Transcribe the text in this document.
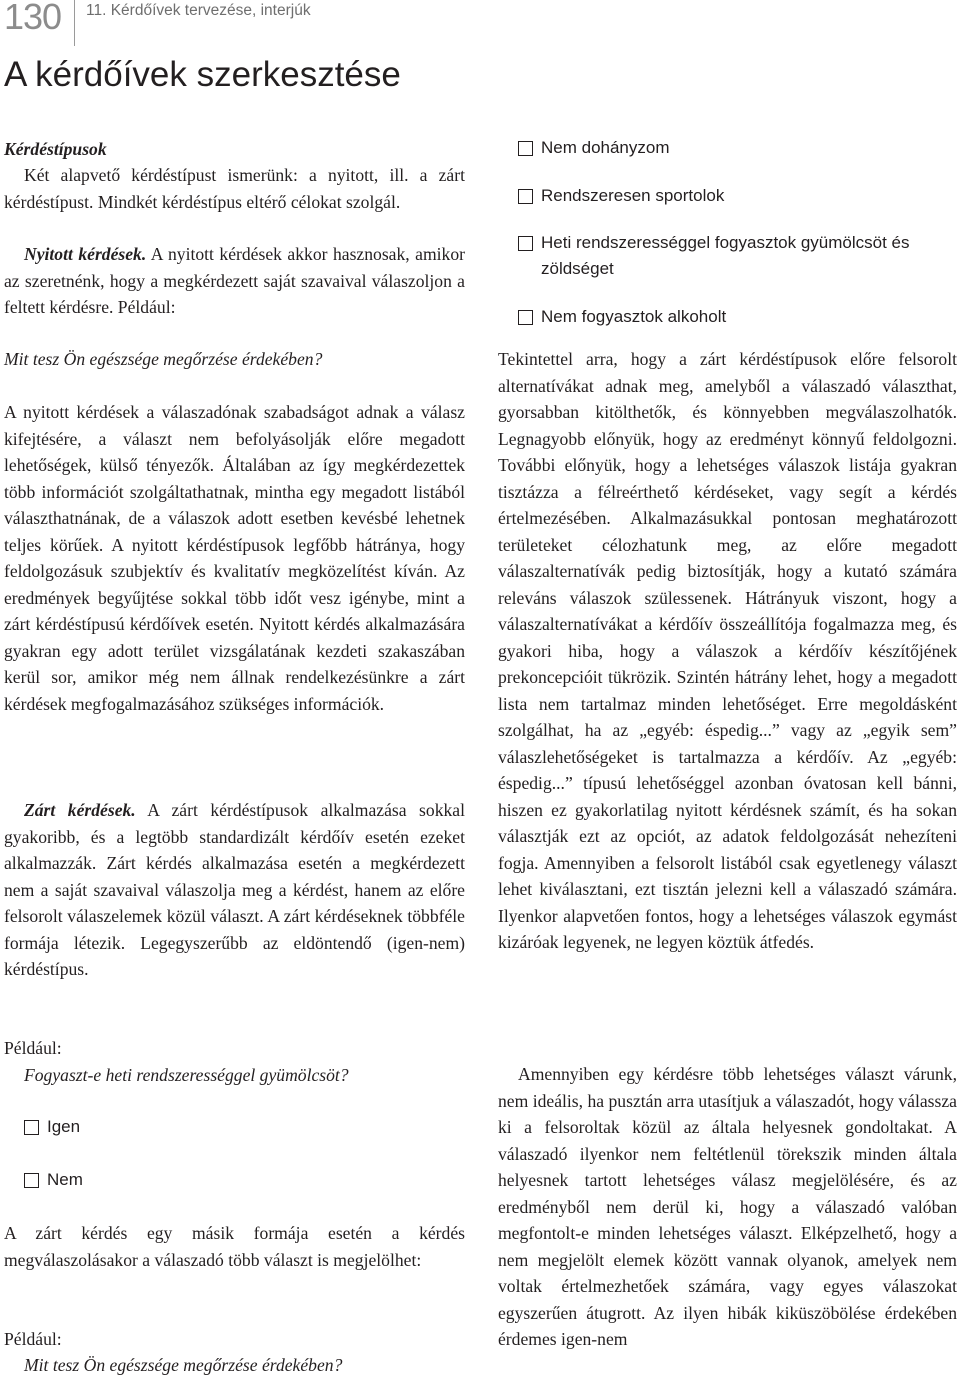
130 11. Kérdőívek tervezése, interjúk
A kérdőívek szerkesztése
Kérdéstípusok

Két alapvető kérdéstípust ismerünk: a nyitott, ill. a zárt kérdéstípust. Mindkét kérdéstípus eltérő célokat szolgál.

Nyitott kérdések. A nyitott kérdések akkor hasznosak, amikor az szeretnénk, hogy a megkérdezett saját szavaival válaszoljon a feltett kérdésre. Például:

Mit tesz Ön egészsége megőrzése érdekében?

A nyitott kérdések a válaszadónak szabadságot adnak a válasz kifejtésére, a választ nem befolyásolják előre megadott lehetőségek, külső tényezők. Általában az így megkérdezettek több információt szolgáltathatnak, mintha egy megadott listából választhatnának, de a válaszok adott esetben kevésbé lehetnek teljes körűek. A nyitott kérdéstípusok legfőbb hátránya, hogy feldolgozásuk szubjektív és kvalitatív megközelítést kíván. Az eredmények begyűjtése sokkal több időt vesz igénybe, mint a zárt kérdéstípusú kérdőívek esetén. Nyitott kérdés alkalmazására gyakran egy adott terület vizsgálatának kezdeti szakaszában kerül sor, amikor még nem állnak rendelkezésünkre a zárt kérdések megfogalmazásához szükséges információk.

Zárt kérdések. A zárt kérdéstípusok alkalmazása sokkal gyakoribb, és a legtöbb standardizált kérdőív esetén ezeket alkalmazzák. Zárt kérdés alkalmazása esetén a megkérdezett nem a saját szavaival válaszolja meg a kérdést, hanem az előre felsorolt válaszelemek közül választ. A zárt kérdéseknek többféle formája létezik. Legegyszerűbb az eldöntendő (igen-nem) kérdéstípus.

Például:
Fogyaszt-e heti rendszerességgel gyümölcsöt?
Igen
Nem

A zárt kérdés egy másik formája esetén a kérdés megválaszolásakor a válaszadó több választ is megjelölhet:

Például:
Mit tesz Ön egészsége megőrzése érdekében?
Nem dohányzom
Rendszeresen sportolok
Heti rendszerességgel fogyasztok gyümölcsöt és zöldséget
Nem fogyasztok alkoholt

Tekintettel arra, hogy a zárt kérdéstípusok előre felsorolt alternatívákat adnak meg, amelyből a válaszadó választhat, gyorsabban kitölthetők, és könnyebben megválaszolhatók. Legnagyobb előnyük, hogy az eredményt könnyű feldolgozni. További előnyük, hogy a lehetséges válaszok listája gyakran tisztázza a félreérthető kérdéseket, vagy segít a kérdés értelmezésében. Alkalmazásukkal pontosan meghatározott területeket célozhatunk meg, az előre megadott válaszalternatívák pedig biztosítják, hogy a kutató számára releváns válaszok szülessenek. Hátrányuk viszont, hogy a válaszalternatívákat a kérdőív összeállítója fogalmazza meg, és gyakori hiba, hogy a válaszok a kérdőív készítőjének prekoncepcióit tükrözik. Szintén hátrány lehet, hogy a megadott lista nem tartalmaz minden lehetőséget. Erre megoldásként szolgálhat, ha az „egyéb: éspedig...” vagy az „egyik sem” válaszlehetőségeket is tartalmazza a kérdőív. Az „egyéb: éspedig...” típusú lehetőséggel azonban óvatosan kell bánni, hiszen ez gyakorlatilag nyitott kérdésnek számít, és ha sokan választják ezt az opciót, az adatok feldolgozását nehezíteni fogja. Amennyiben a felsorolt listából csak egyetlenegy választ lehet kiválasztani, ezt tisztán jelezni kell a válaszadó számára. Ilyenkor alapvetően fontos, hogy a lehetséges válaszok egymást kizáróak legyenek, ne legyen köztük átfedés.

Amennyiben egy kérdésre több lehetséges választ várunk, nem ideális, ha pusztán arra utasítjuk a válaszadót, hogy válassza ki a felsoroltak közül az általa helyesnek gondoltakat. A válaszadó ilyenkor nem feltétlenül törekszik minden általa helyesnek tartott lehetséges válasz megjelölésére, és az eredményből nem derül ki, hogy a válaszadó valóban megfontolt-e minden lehetséges választ. Elképzelhető, hogy a nem megjelölt elemek között vannak olyanok, amelyek nem voltak értelmezhetőek számára, vagy egyes válaszokat egyszerűen átugrott. Az ilyen hibák kiküszöbölése érdekében érdemes igen-nem
